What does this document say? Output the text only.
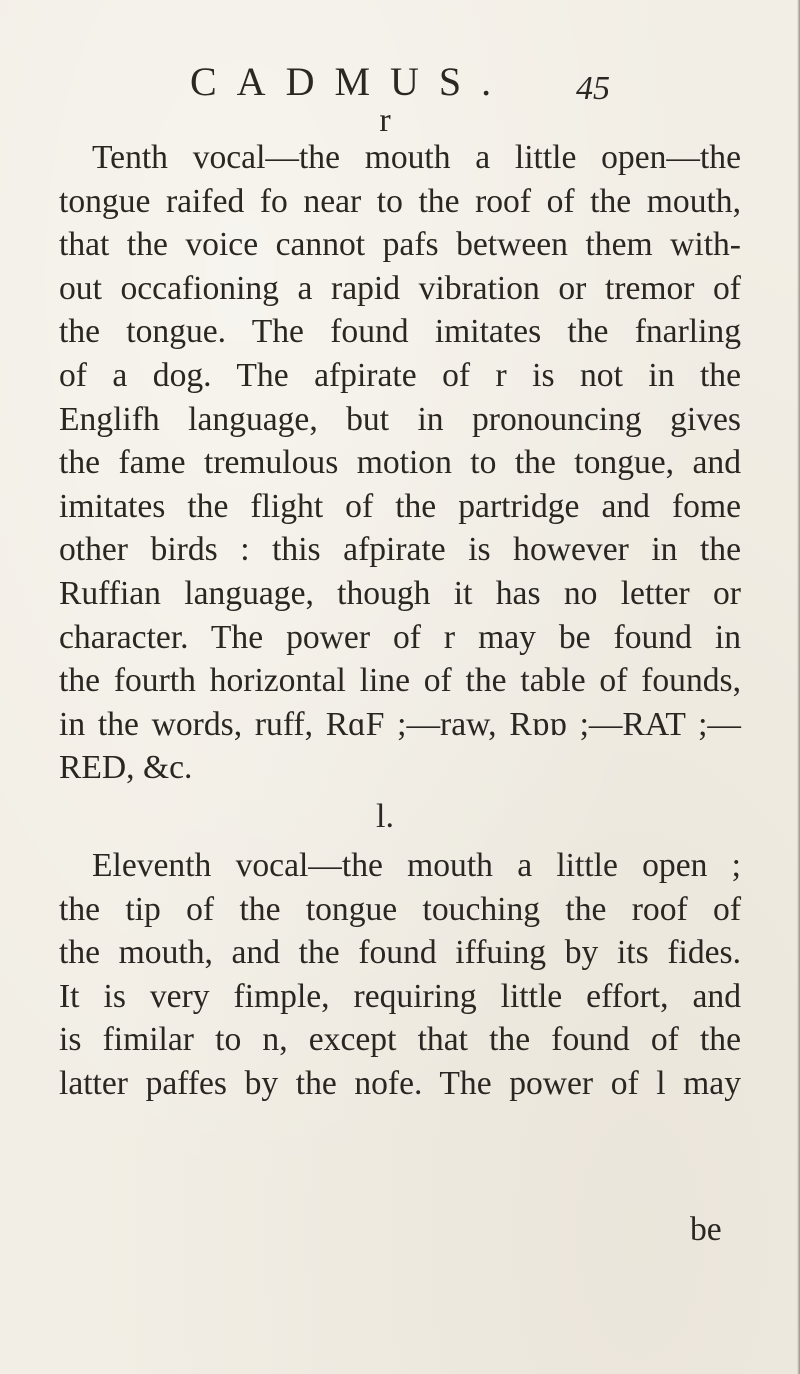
CADMUS. 45
r
Tenth vocal—the mouth a little open—the
tongue raifed fo near to the roof of the mouth,
that the voice cannot pafs between them with-
out occafioning a rapid vibration or tremor of
the tongue. The found imitates the fnarling
of a dog. The afpirate of r is not in the
Englifh language, but in pronouncing gives
the fame tremulous motion to the tongue, and
imitates the flight of the partridge and fome
other birds : this afpirate is however in the
Ruffian language, though it has no letter or
character. The power of r may be found in
the fourth horizontal line of the table of founds,
in the words, ruff, RɑF ;—raw, Rɒɒ ;—RAT ;—
RED, &c.
l.
Eleventh vocal—the mouth a little open ;
the tip of the tongue touching the roof of
the mouth, and the found iffuing by its fides.
It is very fimple, requiring little effort, and
is fimilar to n, except that the found of the
latter paffes by the nofe. The power of l may
be
